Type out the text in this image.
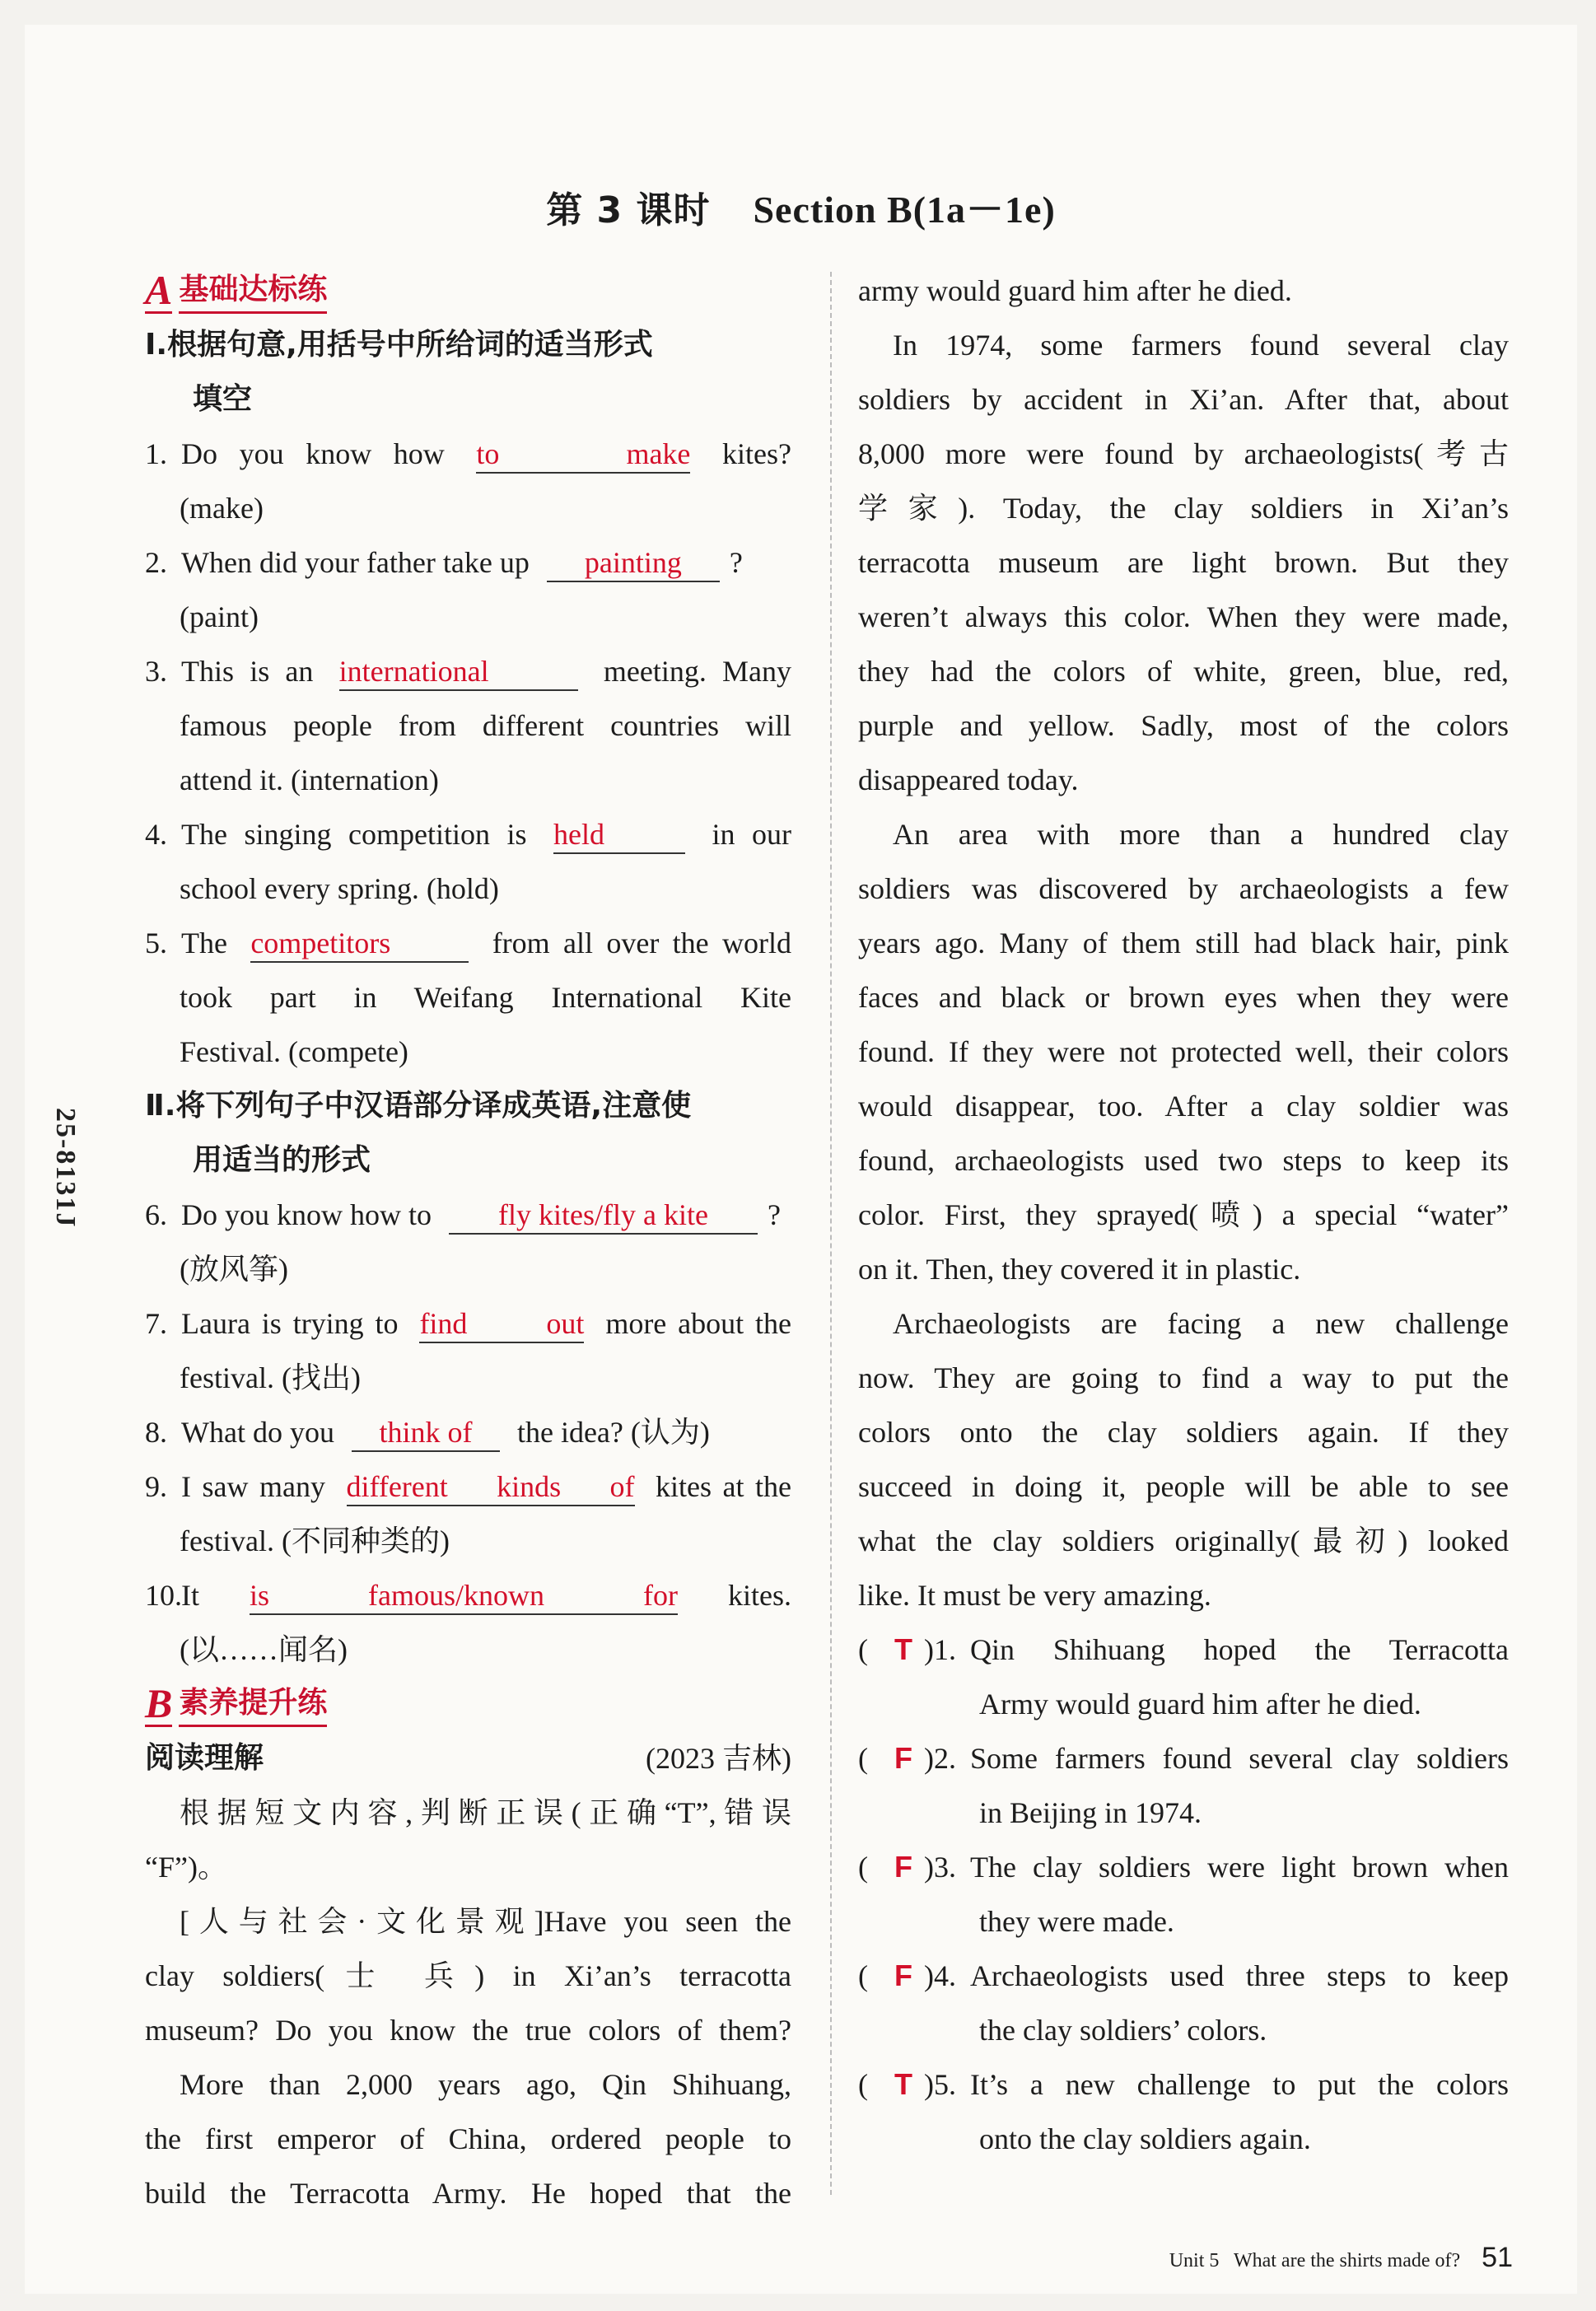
第 3 课时 Section B(1a－1e)
25-8131J
A 基础达标练
Ⅰ.根据句意,用括号中所给词的适当形式
填空
1. Do you know how to make kites?
(make)
2. When did your father take up painting ?
(paint)
3. This is an international	meeting. Many
famous people from different countries will
attend it. (internation)
4. The singing competition is held	in our
school every spring. (hold)
5. The competitors	from all over the world
took part in Weifang International Kite
Festival. (compete)
Ⅱ.将下列句子中汉语部分译成英语,注意使
用适当的形式
6. Do you know how to fly kites/fly a kite ?
(放风筝)
7. Laura is trying to find out more about the
festival. (找出)
8. What do you think of the idea? (认为)
9. I saw many different kinds of kites at the
festival. (不同种类的)
10. It is   famous/known   for kites.
(以……闻名)
B 素养提升练
阅读理解	(2023 吉林)
根据短文内容,判断正误(正确“T”,错误
“F”)。
[人与社会·文化景观]Have you seen the
clay soldiers(士 兵) in Xi’an’s terracotta
museum? Do you know the true colors of them?
More than 2,000 years ago, Qin Shihuang,
the first emperor of China, ordered people to
build the Terracotta Army. He hoped that the
army would guard him after he died.
In 1974, some farmers found several clay
soldiers by accident in Xi’an. After that, about
8,000 more were found by archaeologists(考古
学家). Today, the clay soldiers in Xi’an’s
terracotta museum are light brown. But they
weren’t always this color. When they were made,
they had the colors of white, green, blue, red,
purple and yellow. Sadly, most of the colors
disappeared today.
An area with more than a hundred clay
soldiers was discovered by archaeologists a few
years ago. Many of them still had black hair, pink
faces and black or brown eyes when they were
found. If they were not protected well, their colors
would disappear, too. After a clay soldier was
found, archaeologists used two steps to keep its
color. First, they sprayed(喷) a special “water”
on it. Then, they covered it in plastic.
Archaeologists are facing a new challenge
now. They are going to find a way to put the
colors onto the clay soldiers again. If they
succeed in doing it, people will be able to see
what the clay soldiers originally(最初) looked
like. It must be very amazing.
( T ) 1. Qin Shihuang hoped the Terracotta
Army would guard him after he died.
( F ) 2. Some farmers found several clay soldiers
in Beijing in 1974.
( F ) 3. The clay soldiers were light brown when
they were made.
( F ) 4. Archaeologists used three steps to keep
the clay soldiers’ colors.
( T ) 5. It’s a new challenge to put the colors
onto the clay soldiers again.
Unit 5 What are the shirts made of? 51
